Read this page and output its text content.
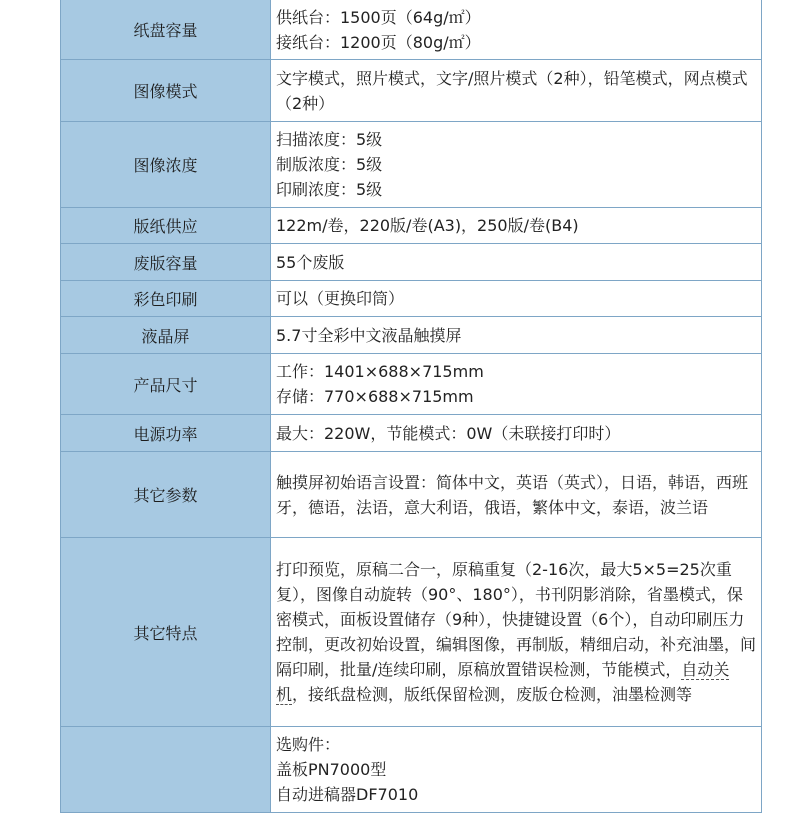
纸盘容量	供纸台：1500页（64g/㎡）
接纸台：1200页（80g/㎡）

图像模式	文字模式，照片模式，文字/照片模式（2种），铅笔模式，网点模式（2种）

图像浓度	扫描浓度：5级
制版浓度：5级
印刷浓度：5级

版纸供应	122m/卷，220版/卷(A3)，250版/卷(B4)

废版容量	55个废版

彩色印刷	可以（更换印筒）

液晶屏	5.7寸全彩中文液晶触摸屏

产品尺寸	工作：1401×688×715mm
存储：770×688×715mm

电源功率	最大：220W，节能模式：0W（未联接打印时）

其它参数	触摸屏初始语言设置：简体中文，英语（英式），日语，韩语，西班牙，德语，法语，意大利语，俄语，繁体中文，泰语，波兰语

其它特点	打印预览，原稿二合一，原稿重复（2-16次，最大5×5=25次重复），图像自动旋转（90°、180°），书刊阴影消除，省墨模式，保密模式，面板设置储存（9种），快捷键设置（6个），自动印刷压力控制，更改初始设置，编辑图像，再制版，精细启动，补充油墨，间隔印刷，批量/连续印刷，原稿放置错误检测，节能模式，自动关机，接纸盘检测，版纸保留检测，废版仓检测，油墨检测等

	选购件：
盖板PN7000型
自动进稿器DF7010
